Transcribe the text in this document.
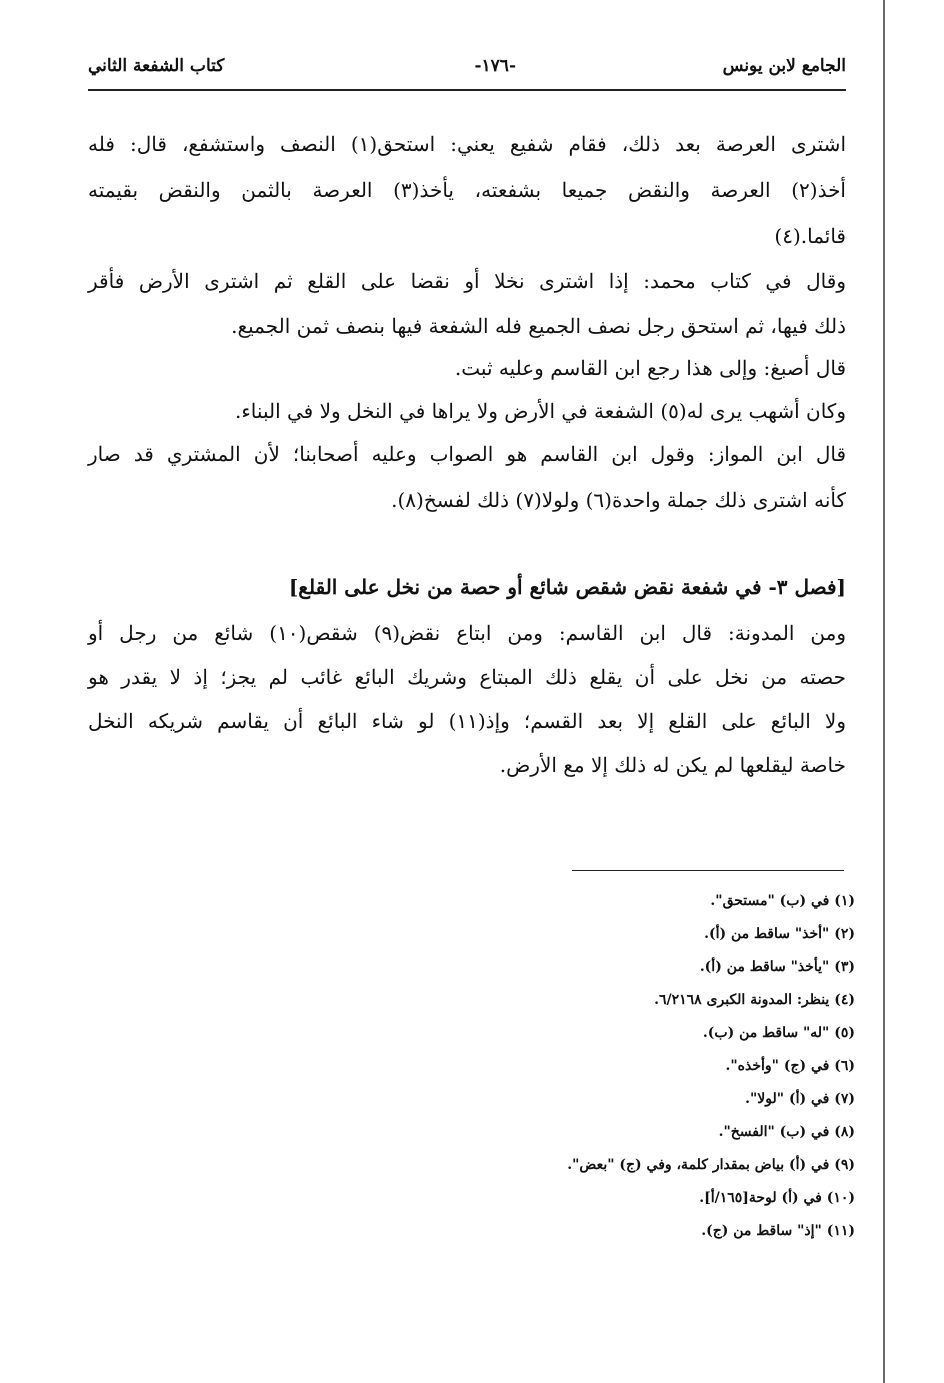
الجامع لابن يونس
-١٧٦-
كتاب الشفعة الثاني
اشترى العرصة بعد ذلك، فقام شفيع يعني: استحق(١) النصف واستشفع، قال: فله
أخذ(٢) العرصة والنقض جميعا بشفعته، يأخذ(٣) العرصة بالثمن والنقض بقيمته
قائما.(٤)
وقال في كتاب محمد: إذا اشترى نخلا أو نقضا على القلع ثم اشترى الأرض فأقر
ذلك فيها، ثم استحق رجل نصف الجميع فله الشفعة فيها بنصف ثمن الجميع.
قال أصبغ: وإلى هذا رجع ابن القاسم وعليه ثبت.
وكان أشهب يرى له(٥) الشفعة في الأرض ولا يراها في النخل ولا في البناء.
قال ابن المواز: وقول ابن القاسم هو الصواب وعليه أصحابنا؛ لأن المشتري قد صار
كأنه اشترى ذلك جملة واحدة(٦) ولولا(٧) ذلك لفسخ(٨).
[فصل ٣- في شفعة نقض شقص شائع أو حصة من نخل على القلع]
ومن المدونة: قال ابن القاسم: ومن ابتاع نقض(٩) شقص(١٠) شائع من رجل أو
حصته من نخل على أن يقلع ذلك المبتاع وشريك البائع غائب لم يجز؛ إذ لا يقدر هو
ولا البائع على القلع إلا بعد القسم؛ وإذ(١١) لو شاء البائع أن يقاسم شريكه النخل
خاصة ليقلعها لم يكن له ذلك إلا مع الأرض.
(١) في (ب) "مستحق".
(٢) "أخذ" ساقط من (أ).
(٣) "يأخذ" ساقط من (أ).
(٤) ينظر: المدونة الكبرى ٦/٢١٦٨.
(٥) "له" ساقط من (ب).
(٦) في (ج) "وأخذه".
(٧) في (أ) "لولا".
(٨) في (ب) "الفسخ".
(٩) في (أ) بياض بمقدار كلمة، وفي (ج) "بعض".
(١٠) في (أ) لوحة[١٦٥/أ].
(١١) "إذ" ساقط من (ج).
